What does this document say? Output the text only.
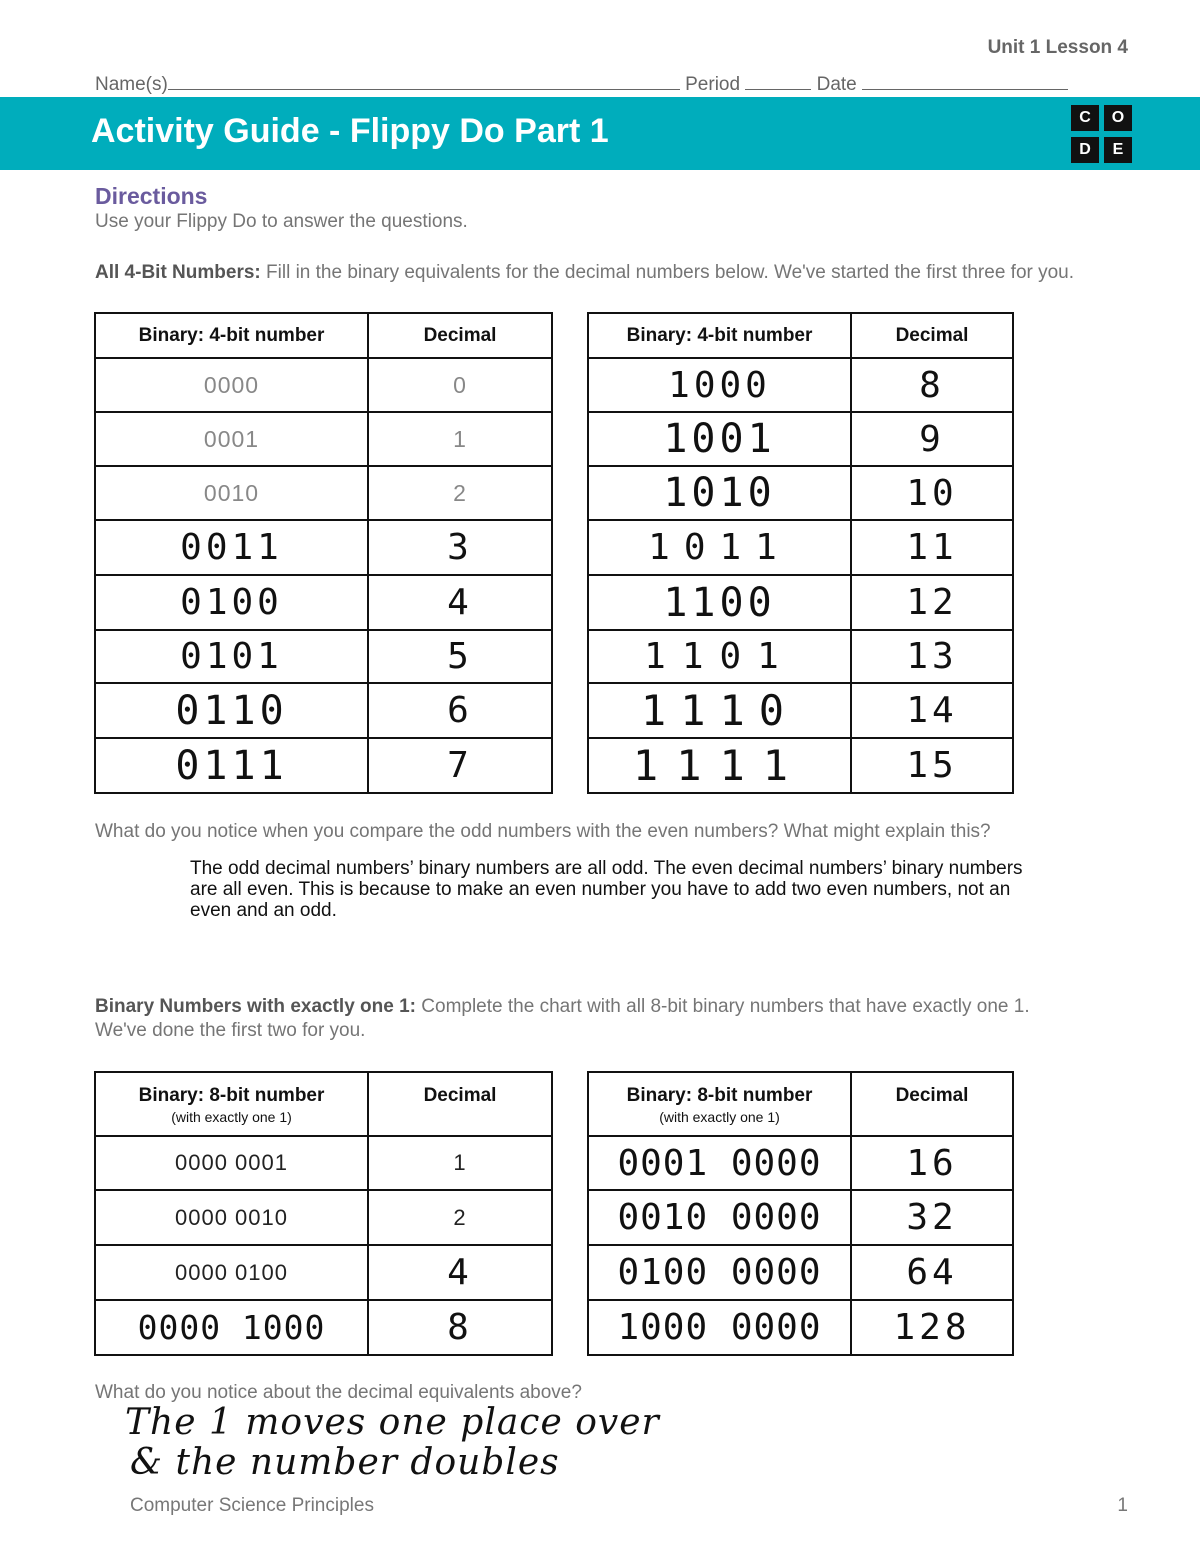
Unit 1 Lesson 4
Name(s)	Period	Date
Activity Guide - Flippy Do Part 1	C	O
D	E
Directions
Use your Flippy Do to answer the questions.
All 4-Bit Numbers: Fill in the binary equivalents for the decimal numbers below. We've started the first three for you.
Binary: 4-bit number	Decimal
0000	0
0001	1
0010	2
0011	3
0100	4
0101	5
0110	6
0111	7
Binary: 4-bit number	Decimal
1000	8
1001	9
1010	10
1011	11
1100	12
1101	13
1110	14
1111	15
What do you notice when you compare the odd numbers with the even numbers? What might explain this?
The odd decimal numbers’ binary numbers are all odd. The even decimal numbers’ binary numbers are all even. This is because to make an even number you have to add two even numbers, not an even and an odd.
Binary Numbers with exactly one 1: Complete the chart with all 8-bit binary numbers that have exactly one 1.
We've done the first two for you.
Binary: 8-bit number
(with exactly one 1)	Decimal
0000 0001	1
0000 0010	2
0000 0100	4
0000 1000	8
Binary: 8-bit number
(with exactly one 1)	Decimal
0001 0000	16
0010 0000	32
0100 0000	64
1000 0000	128
What do you notice about the decimal equivalents above?
The 1 moves one place over
& the number doubles
Computer Science Principles	1
